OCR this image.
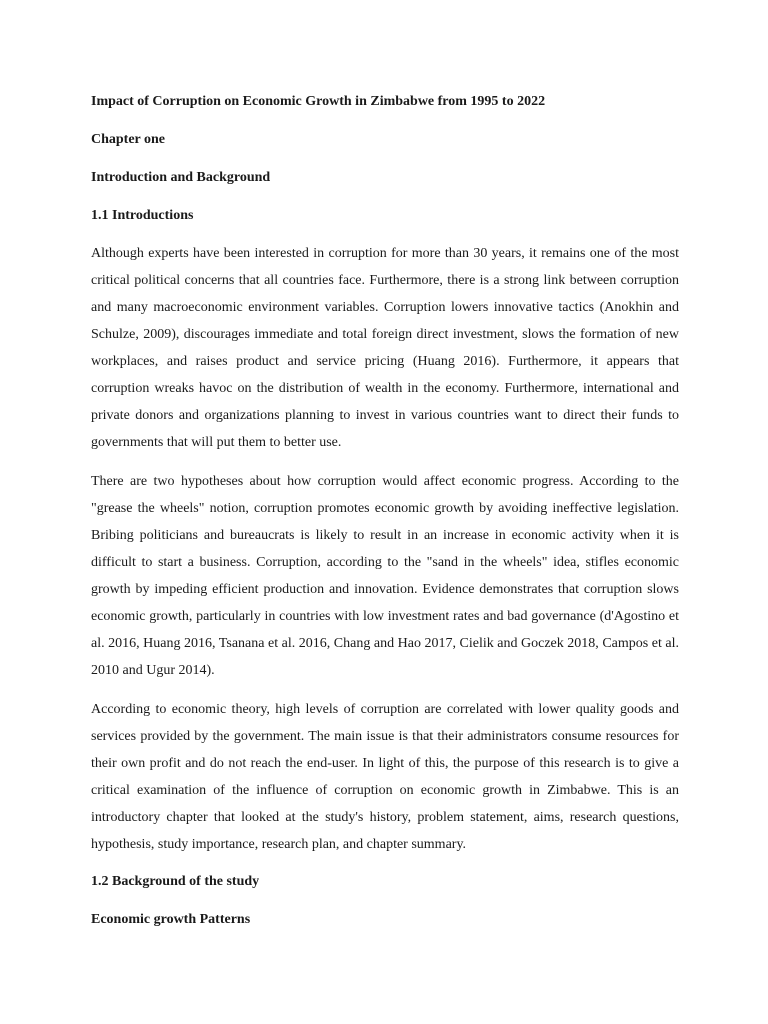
Impact of Corruption on Economic Growth in Zimbabwe from 1995 to 2022

Chapter one

Introduction and Background

1.1 Introductions

Although experts have been interested in corruption for more than 30 years, it remains one of the most critical political concerns that all countries face. Furthermore, there is a strong link between corruption and many macroeconomic environment variables. Corruption lowers innovative tactics (Anokhin and Schulze, 2009), discourages immediate and total foreign direct investment, slows the formation of new workplaces, and raises product and service pricing (Huang 2016). Furthermore, it appears that corruption wreaks havoc on the distribution of wealth in the economy. Furthermore, international and private donors and organizations planning to invest in various countries want to direct their funds to governments that will put them to better use.

There are two hypotheses about how corruption would affect economic progress. According to the "grease the wheels" notion, corruption promotes economic growth by avoiding ineffective legislation. Bribing politicians and bureaucrats is likely to result in an increase in economic activity when it is difficult to start a business. Corruption, according to the "sand in the wheels" idea, stifles economic growth by impeding efficient production and innovation. Evidence demonstrates that corruption slows economic growth, particularly in countries with low investment rates and bad governance (d'Agostino et al. 2016, Huang 2016, Tsanana et al. 2016, Chang and Hao 2017, Cielik and Goczek 2018, Campos et al. 2010 and Ugur 2014).

According to economic theory, high levels of corruption are correlated with lower quality goods and services provided by the government. The main issue is that their administrators consume resources for their own profit and do not reach the end-user. In light of this, the purpose of this research is to give a critical examination of the influence of corruption on economic growth in Zimbabwe. This is an introductory chapter that looked at the study's history, problem statement, aims, research questions, hypothesis, study importance, research plan, and chapter summary.

1.2 Background of the study

Economic growth Patterns
